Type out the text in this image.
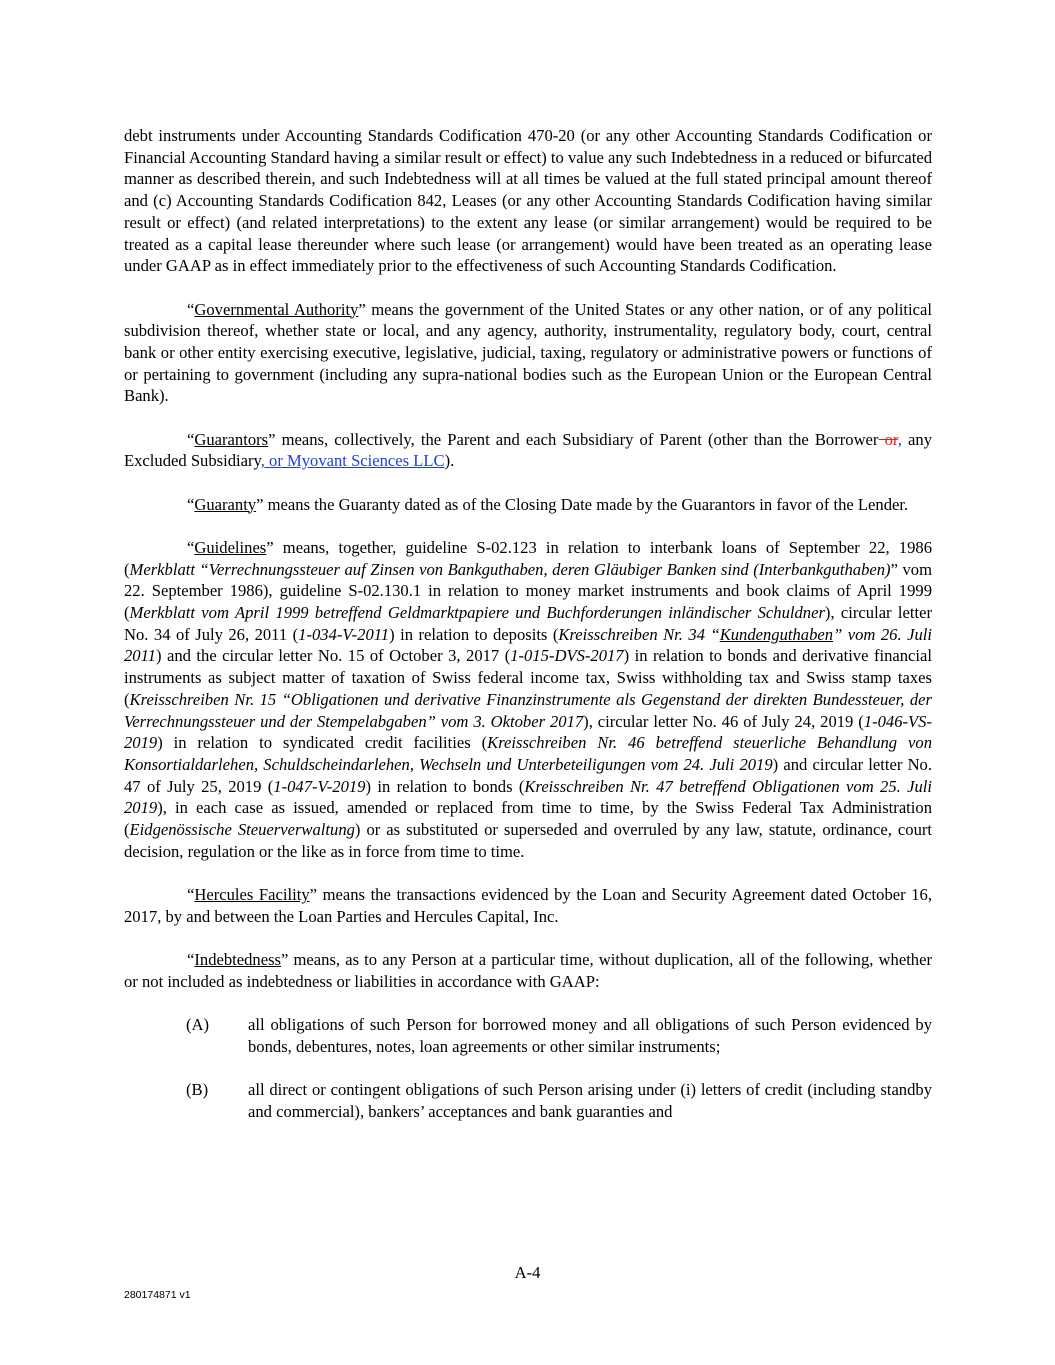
debt instruments under Accounting Standards Codification 470-20 (or any other Accounting Standards Codification or Financial Accounting Standard having a similar result or effect) to value any such Indebtedness in a reduced or bifurcated manner as described therein, and such Indebtedness will at all times be valued at the full stated principal amount thereof and (c) Accounting Standards Codification 842, Leases (or any other Accounting Standards Codification having similar result or effect) (and related interpretations) to the extent any lease (or similar arrangement) would be required to be treated as a capital lease thereunder where such lease (or arrangement) would have been treated as an operating lease under GAAP as in effect immediately prior to the effectiveness of such Accounting Standards Codification.

“Governmental Authority” means the government of the United States or any other nation, or of any political subdivision thereof, whether state or local, and any agency, authority, instrumentality, regulatory body, court, central bank or other entity exercising executive, legislative, judicial, taxing, regulatory or administrative powers or functions of or pertaining to government (including any supra-national bodies such as the European Union or the European Central Bank).

“Guarantors” means, collectively, the Parent and each Subsidiary of Parent (other than the Borrower or, any Excluded Subsidiary, or Myovant Sciences LLC).

“Guaranty” means the Guaranty dated as of the Closing Date made by the Guarantors in favor of the Lender.

“Guidelines” means, together, guideline S-02.123 in relation to interbank loans of September 22, 1986 (Merkblatt “Verrechnungssteuer auf Zinsen von Bankguthaben, deren Gläubiger Banken sind (Interbankguthaben)” vom 22. September 1986), guideline S-02.130.1 in relation to money market instruments and book claims of April 1999 (Merkblatt vom April 1999 betreffend Geldmarktpapiere und Buchforderungen inländischer Schuldner), circular letter No. 34 of July 26, 2011 (1-034-V-2011) in relation to deposits (Kreisschreiben Nr. 34 “Kundenguthaben” vom 26. Juli 2011) and the circular letter No. 15 of October 3, 2017 (1-015-DVS-2017) in relation to bonds and derivative financial instruments as subject matter of taxation of Swiss federal income tax, Swiss withholding tax and Swiss stamp taxes (Kreisschreiben Nr. 15 “Obligationen und derivative Finanzinstrumente als Gegenstand der direkten Bundessteuer, der Verrechnungssteuer und der Stempelabgaben” vom 3. Oktober 2017), circular letter No. 46 of July 24, 2019 (1-046-VS-2019) in relation to syndicated credit facilities (Kreisschreiben Nr. 46 betreffend steuerliche Behandlung von Konsortialdarlehen, Schuldscheindarlehen, Wechseln und Unterbeteiligungen vom 24. Juli 2019) and circular letter No. 47 of July 25, 2019 (1-047-V-2019) in relation to bonds (Kreisschreiben Nr. 47 betreffend Obligationen vom 25. Juli 2019), in each case as issued, amended or replaced from time to time, by the Swiss Federal Tax Administration (Eidgenössische Steuerverwaltung) or as substituted or superseded and overruled by any law, statute, ordinance, court decision, regulation or the like as in force from time to time.

“Hercules Facility” means the transactions evidenced by the Loan and Security Agreement dated October 16, 2017, by and between the Loan Parties and Hercules Capital, Inc.

“Indebtedness” means, as to any Person at a particular time, without duplication, all of the following, whether or not included as indebtedness or liabilities in accordance with GAAP:

(A) all obligations of such Person for borrowed money and all obligations of such Person evidenced by bonds, debentures, notes, loan agreements or other similar instruments;
(B) all direct or contingent obligations of such Person arising under (i) letters of credit (including standby and commercial), bankers’ acceptances and bank guaranties and
A-4
280174871 v1
